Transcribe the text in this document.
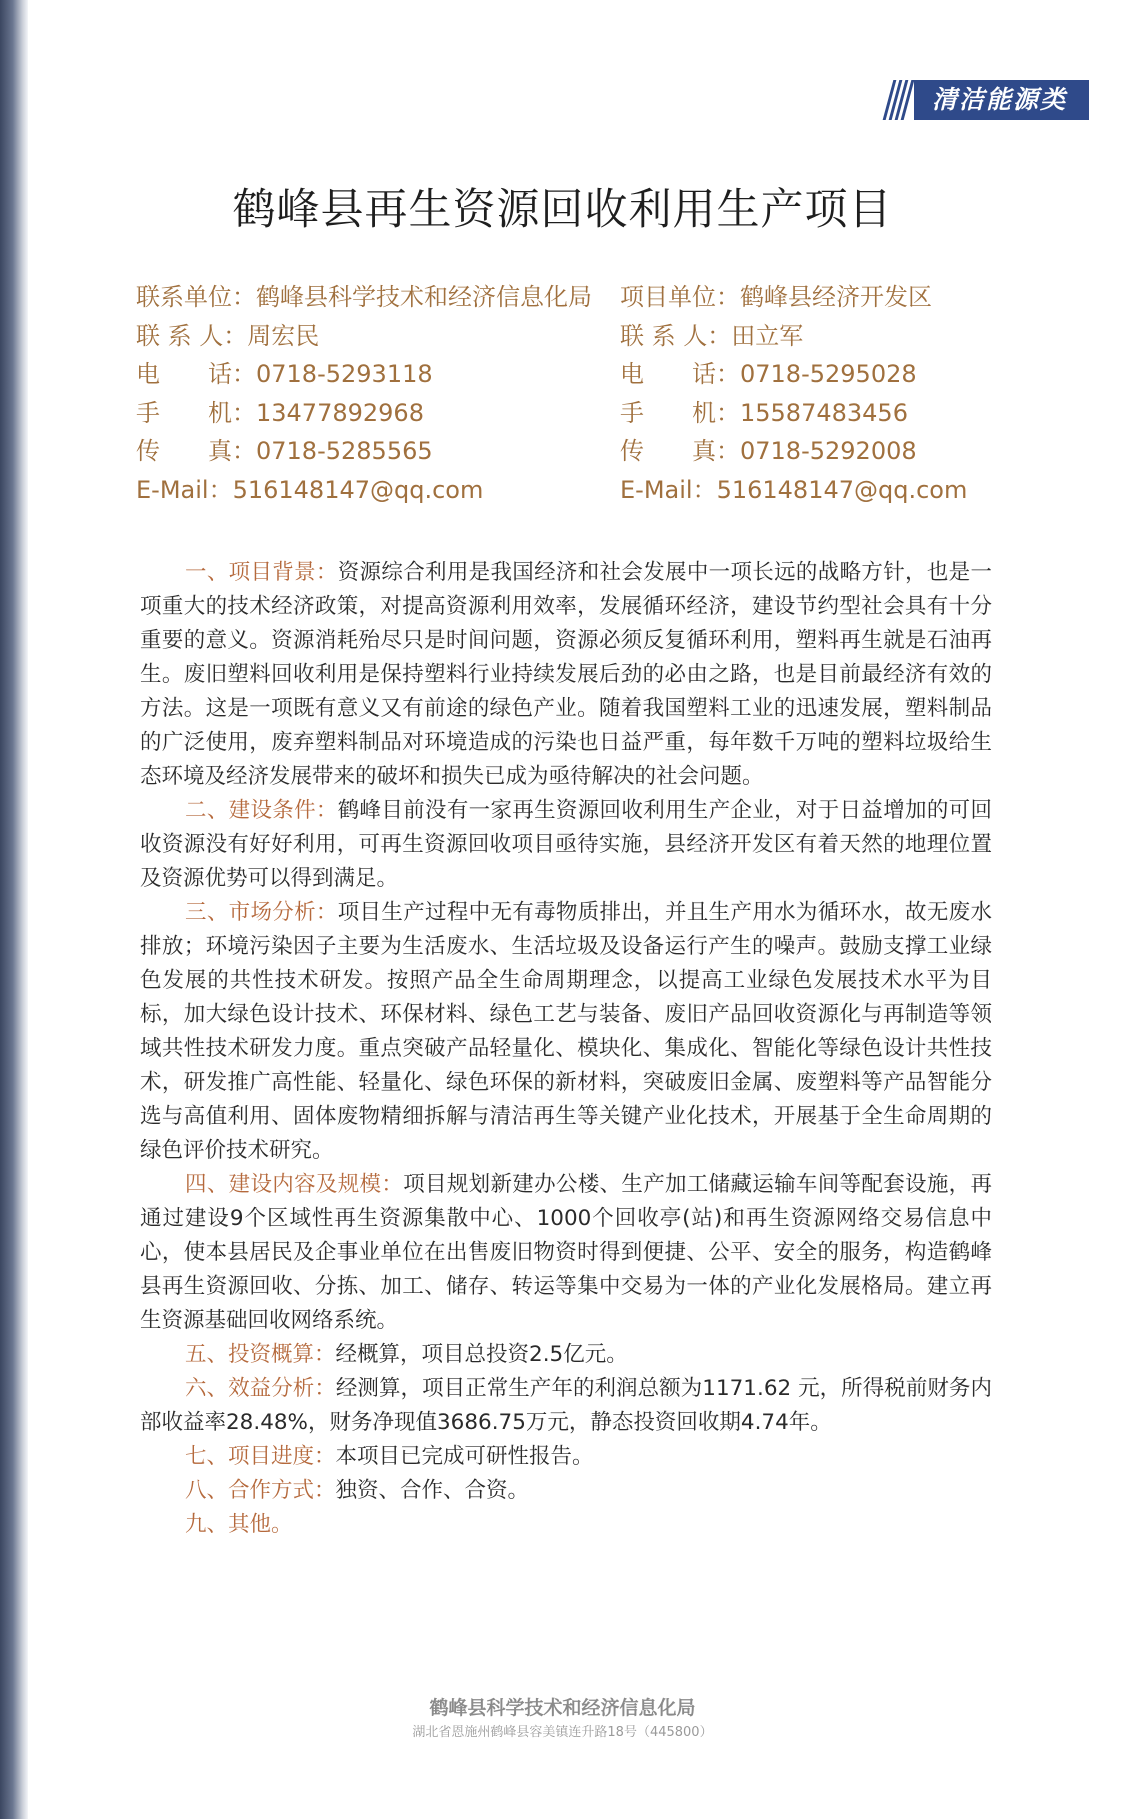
清洁能源类
鹤峰县再生资源回收利用生产项目
联系单位：鹤峰县科学技术和经济信息化局
联 系 人：周宏民
电　　话：0718-5293118
手　　机：13477892968
传　　真：0718-5285565
E-Mail：516148147@qq.com
项目单位：鹤峰县经济开发区
联 系 人：田立军
电　　话：0718-5295028
手　　机：15587483456
传　　真：0718-5292008
E-Mail：516148147@qq.com

一、项目背景：资源综合利用是我国经济和社会发展中一项长远的战略方针，也是一项重大的技术经济政策，对提高资源利用效率，发展循环经济，建设节约型社会具有十分重要的意义。资源消耗殆尽只是时间问题，资源必须反复循环利用，塑料再生就是石油再生。废旧塑料回收利用是保持塑料行业持续发展后劲的必由之路，也是目前最经济有效的方法。这是一项既有意义又有前途的绿色产业。随着我国塑料工业的迅速发展，塑料制品的广泛使用，废弃塑料制品对环境造成的污染也日益严重，每年数千万吨的塑料垃圾给生态环境及经济发展带来的破坏和损失已成为亟待解决的社会问题。

二、建设条件：鹤峰目前没有一家再生资源回收利用生产企业，对于日益增加的可回收资源没有好好利用，可再生资源回收项目亟待实施，县经济开发区有着天然的地理位置及资源优势可以得到满足。

三、市场分析：项目生产过程中无有毒物质排出，并且生产用水为循环水，故无废水排放；环境污染因子主要为生活废水、生活垃圾及设备运行产生的噪声。鼓励支撑工业绿色发展的共性技术研发。按照产品全生命周期理念，以提高工业绿色发展技术水平为目标，加大绿色设计技术、环保材料、绿色工艺与装备、废旧产品回收资源化与再制造等领域共性技术研发力度。重点突破产品轻量化、模块化、集成化、智能化等绿色设计共性技术，研发推广高性能、轻量化、绿色环保的新材料，突破废旧金属、废塑料等产品智能分选与高值利用、固体废物精细拆解与清洁再生等关键产业化技术，开展基于全生命周期的绿色评价技术研究。

四、建设内容及规模：项目规划新建办公楼、生产加工储藏运输车间等配套设施，再通过建设9个区域性再生资源集散中心、1000个回收亭(站)和再生资源网络交易信息中心，使本县居民及企事业单位在出售废旧物资时得到便捷、公平、安全的服务，构造鹤峰县再生资源回收、分拣、加工、储存、转运等集中交易为一体的产业化发展格局。建立再生资源基础回收网络系统。

五、投资概算：经概算，项目总投资2.5亿元。

六、效益分析：经测算，项目正常生产年的利润总额为1171.62 元，所得税前财务内部收益率28.48%，财务净现值3686.75万元，静态投资回收期4.74年。

七、项目进度：本项目已完成可研性报告。

八、合作方式：独资、合作、合资。

九、其他。

鹤峰县科学技术和经济信息化局
湖北省恩施州鹤峰县容美镇连升路18号（445800）
